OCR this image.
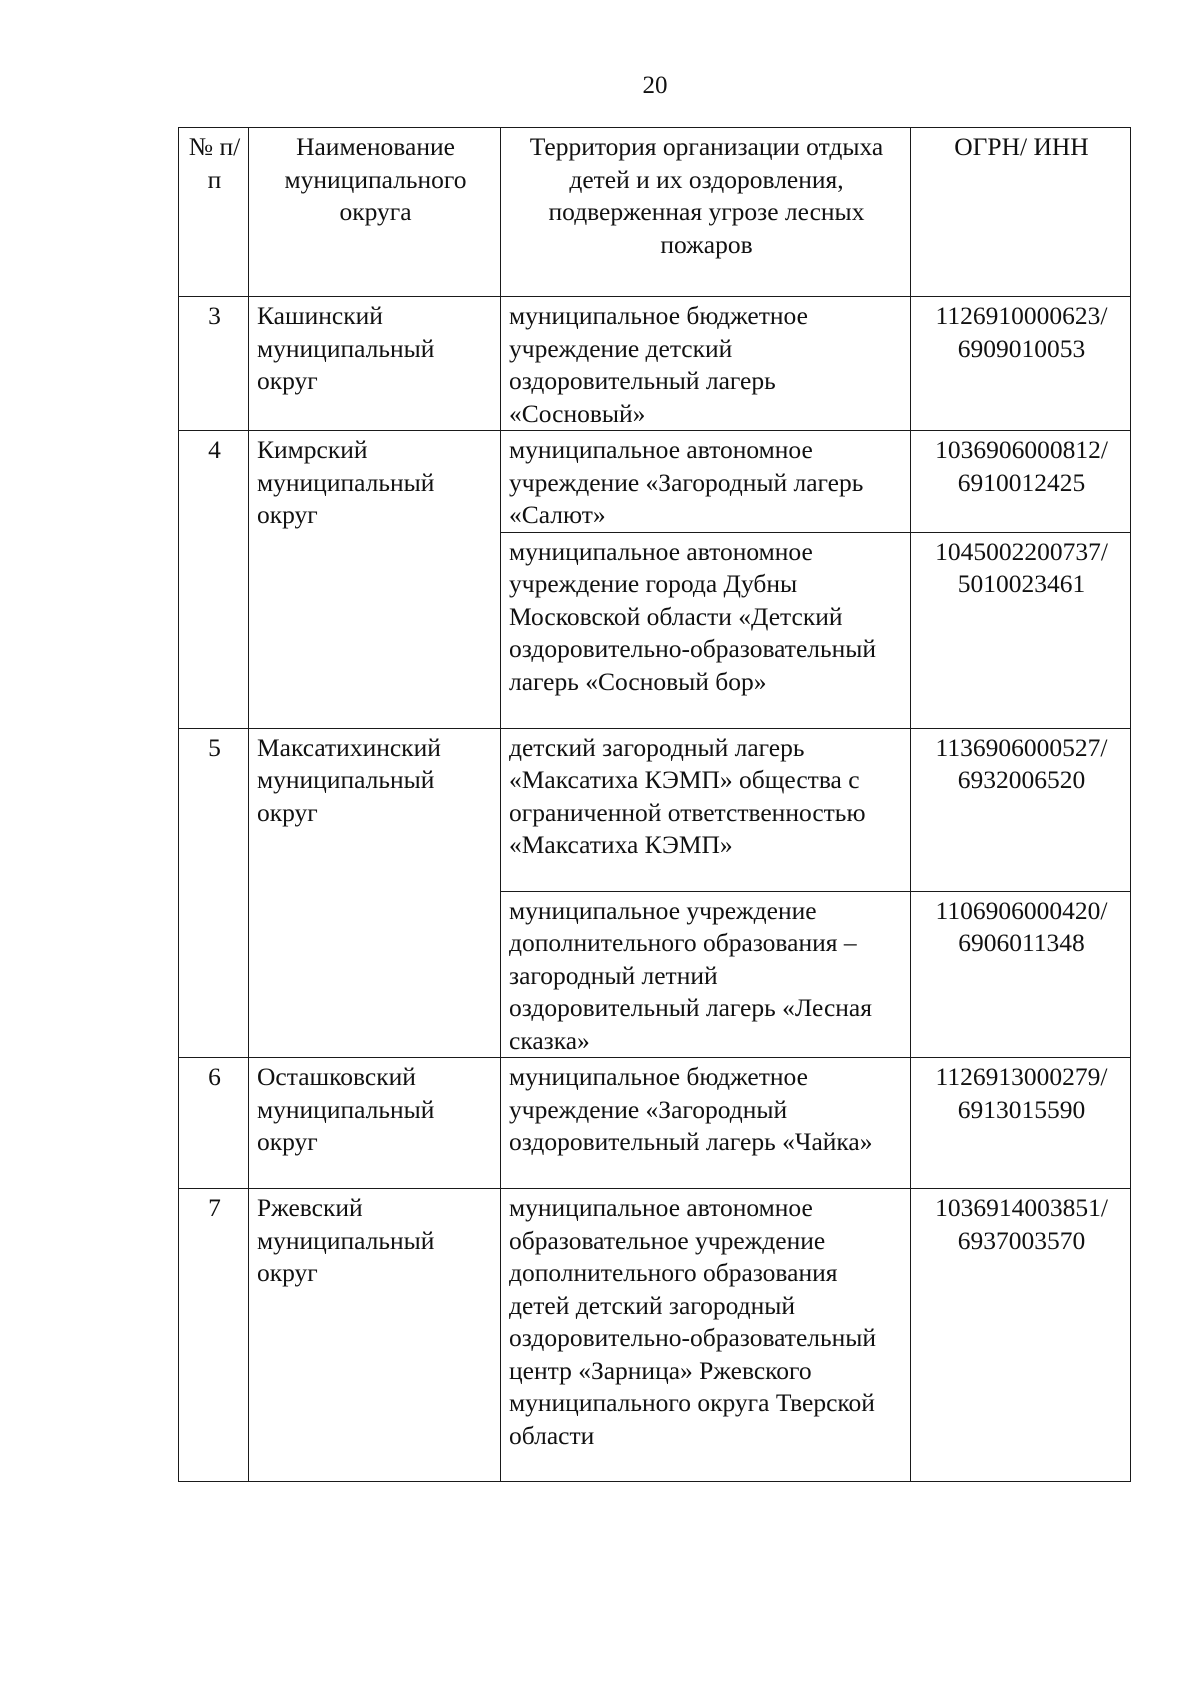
20
№ п/п	Наименование муниципального округа	Территория организации отдыха детей и их оздоровления, подверженная угрозе лесных пожаров	ОГРН/ ИНН
3	Кашинский муниципальный округ	муниципальное бюджетное учреждение детский оздоровительный лагерь «Сосновый»	1126910000623/ 6909010053
4	Кимрский муниципальный округ	муниципальное автономное учреждение «Загородный лагерь «Салют»	1036906000812/ 6910012425
		муниципальное автономное учреждение города Дубны Московской области «Детский оздоровительно-образовательный лагерь «Сосновый бор»	1045002200737/ 5010023461
5	Максатихинский муниципальный округ	детский загородный лагерь «Максатиха КЭМП» общества с ограниченной ответственностью «Максатиха КЭМП»	1136906000527/ 6932006520
		муниципальное учреждение дополнительного образования – загородный летний оздоровительный лагерь «Лесная сказка»	1106906000420/ 6906011348
6	Осташковский муниципальный округ	муниципальное бюджетное учреждение «Загородный оздоровительный лагерь «Чайка»	1126913000279/ 6913015590
7	Ржевский муниципальный округ	муниципальное автономное образовательное учреждение дополнительного образования детей детский загородный оздоровительно-образовательный центр «Зарница» Ржевского муниципального округа Тверской области	1036914003851/ 6937003570
